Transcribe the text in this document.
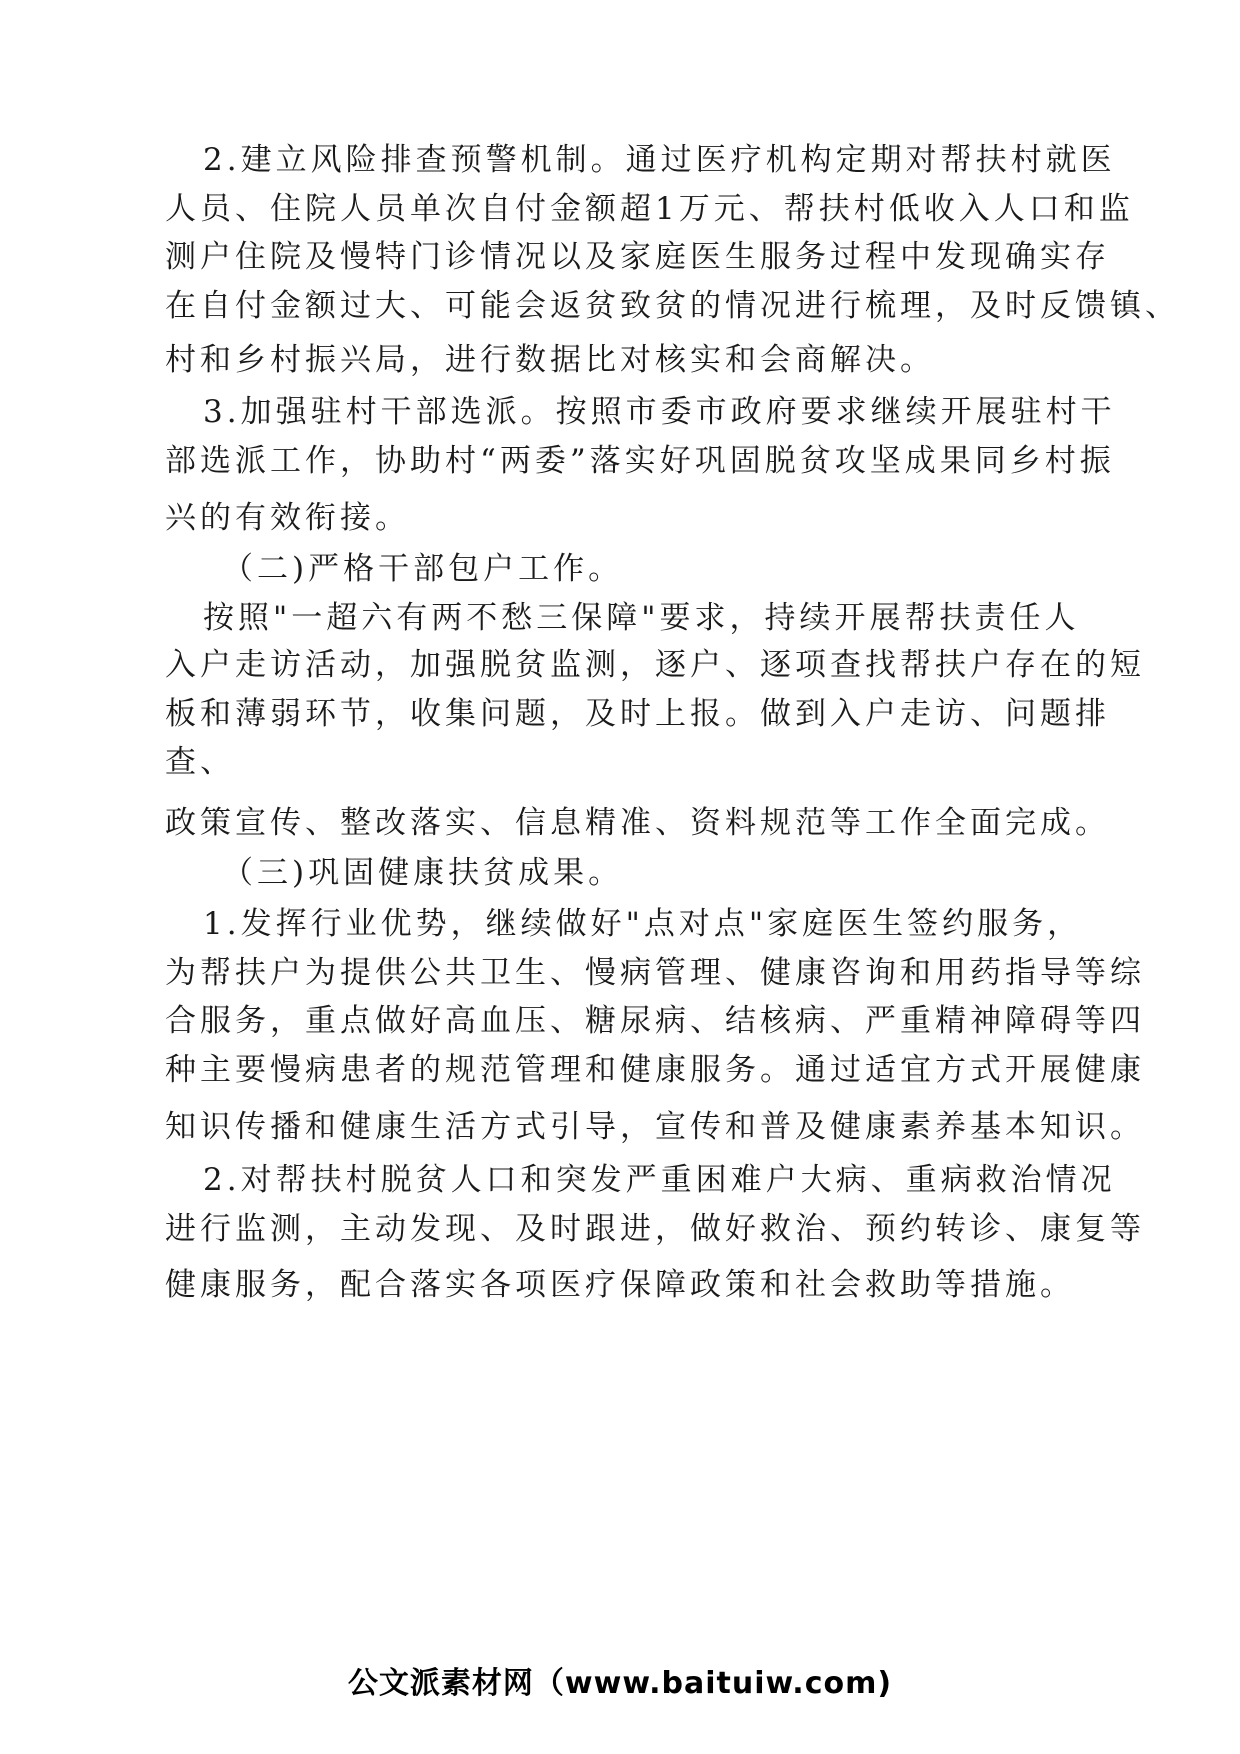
2.建立风险排查预警机制。通过医疗机构定期对帮扶村就医

人员、住院人员单次自付金额超1万元、帮扶村低收入人口和监

测户住院及慢特门诊情况以及家庭医生服务过程中发现确实存

在自付金额过大、可能会返贫致贫的情况进行梳理，及时反馈镇、

村和乡村振兴局，进行数据比对核实和会商解决。

3.加强驻村干部选派。按照市委市政府要求继续开展驻村干

部选派工作，协助村“两委”落实好巩固脱贫攻坚成果同乡村振

兴的有效衔接。

（二)严格干部包户工作。

按照"一超六有两不愁三保障"要求，持续开展帮扶责任人

入户走访活动，加强脱贫监测，逐户、逐项查找帮扶户存在的短

板和薄弱环节，收集问题，及时上报。做到入户走访、问题排

查、

政策宣传、整改落实、信息精准、资料规范等工作全面完成。

（三)巩固健康扶贫成果。

1.发挥行业优势，继续做好"点对点"家庭医生签约服务，

为帮扶户为提供公共卫生、慢病管理、健康咨询和用药指导等综

合服务，重点做好高血压、糖尿病、结核病、严重精神障碍等四

种主要慢病患者的规范管理和健康服务。通过适宜方式开展健康

知识传播和健康生活方式引导，宣传和普及健康素养基本知识。

2.对帮扶村脱贫人口和突发严重困难户大病、重病救治情况

进行监测，主动发现、及时跟进，做好救治、预约转诊、康复等

健康服务，配合落实各项医疗保障政策和社会救助等措施。

公文派素材网（www.baituiw.com)
